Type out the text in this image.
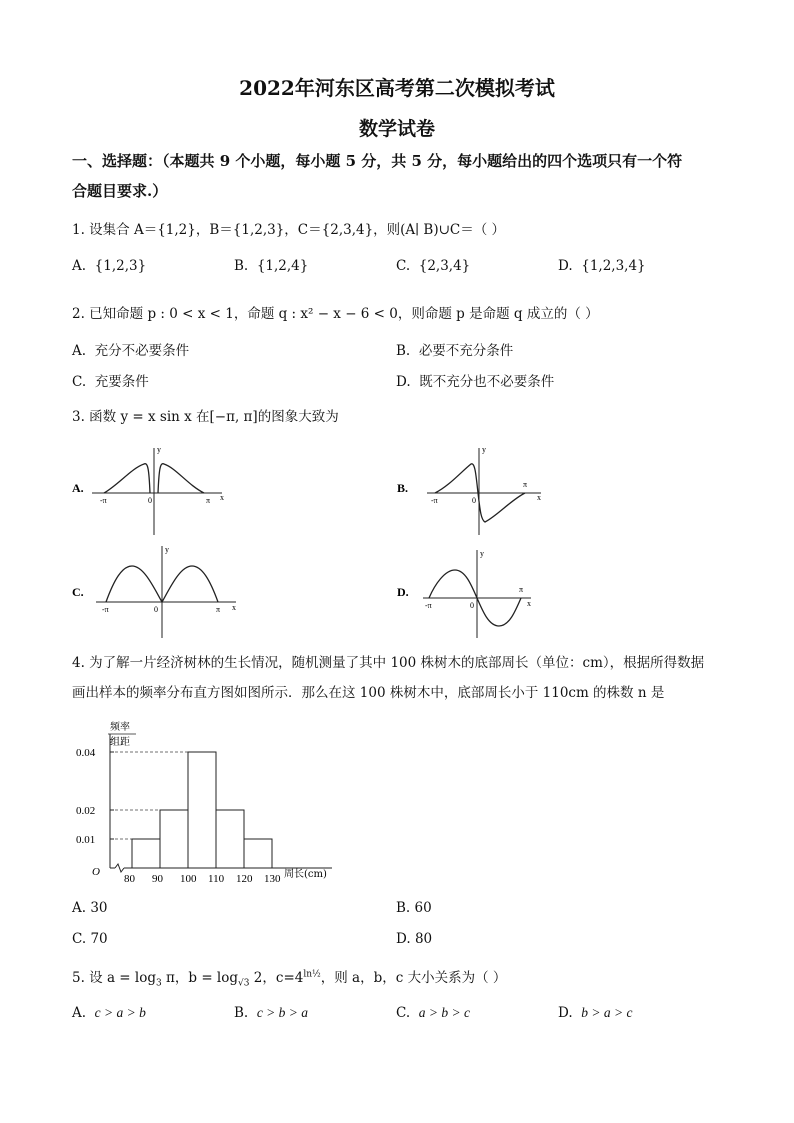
2022年河东区高考第二次模拟考试
数学试卷
一、选择题：（本题共 9 个小题，每小题 5 分，共 5 分，每小题给出的四个选项只有一个符
合题目要求.）
1. 设集合 A＝{1,2}，B＝{1,2,3}，C＝{2,3,4}，则(A∣ B)∪C＝（ ）
A. {1,2,3}	B. {1,2,4}	C. {2,3,4}	D. {1,2,3,4}
2. 已知命题 p : 0 < x < 1，命题 q : x² − x − 6 < 0，则命题 p 是命题 q 成立的（ ）
A. 充分不必要条件	B. 必要不充分条件
C. 充要条件	D. 既不充分也不必要条件
3. 函数 y = x sin x 在[−π, π]的图象大致为
A.
-π	π
0
y
x
B.
-π
π
0
y
x
C.
-π	π
0
y
x
D.
-π
π
0
y
x
4. 为了解一片经济树林的生长情况，随机测量了其中 100 株树木的底部周长（单位：cm），根据所得数据
画出样本的频率分布直方图如图所示．那么在这 100 株树木中，底部周长小于 110cm 的株数 n 是
频率
组距
周长(cm)
O
0.04
0.02
0.01
80 90 100 110 120 130
A. 30	B. 60
C. 70	D. 80
5. 设 $a = \log_3 \pi$，$b = \log_{√3} 2$，$c=4^{ln\frac{1}{2}}$，则 a，b，c 大小关系为（ ）
A. c > a > b	B. c > b > a	C. a > b > c	D. b > a > c
